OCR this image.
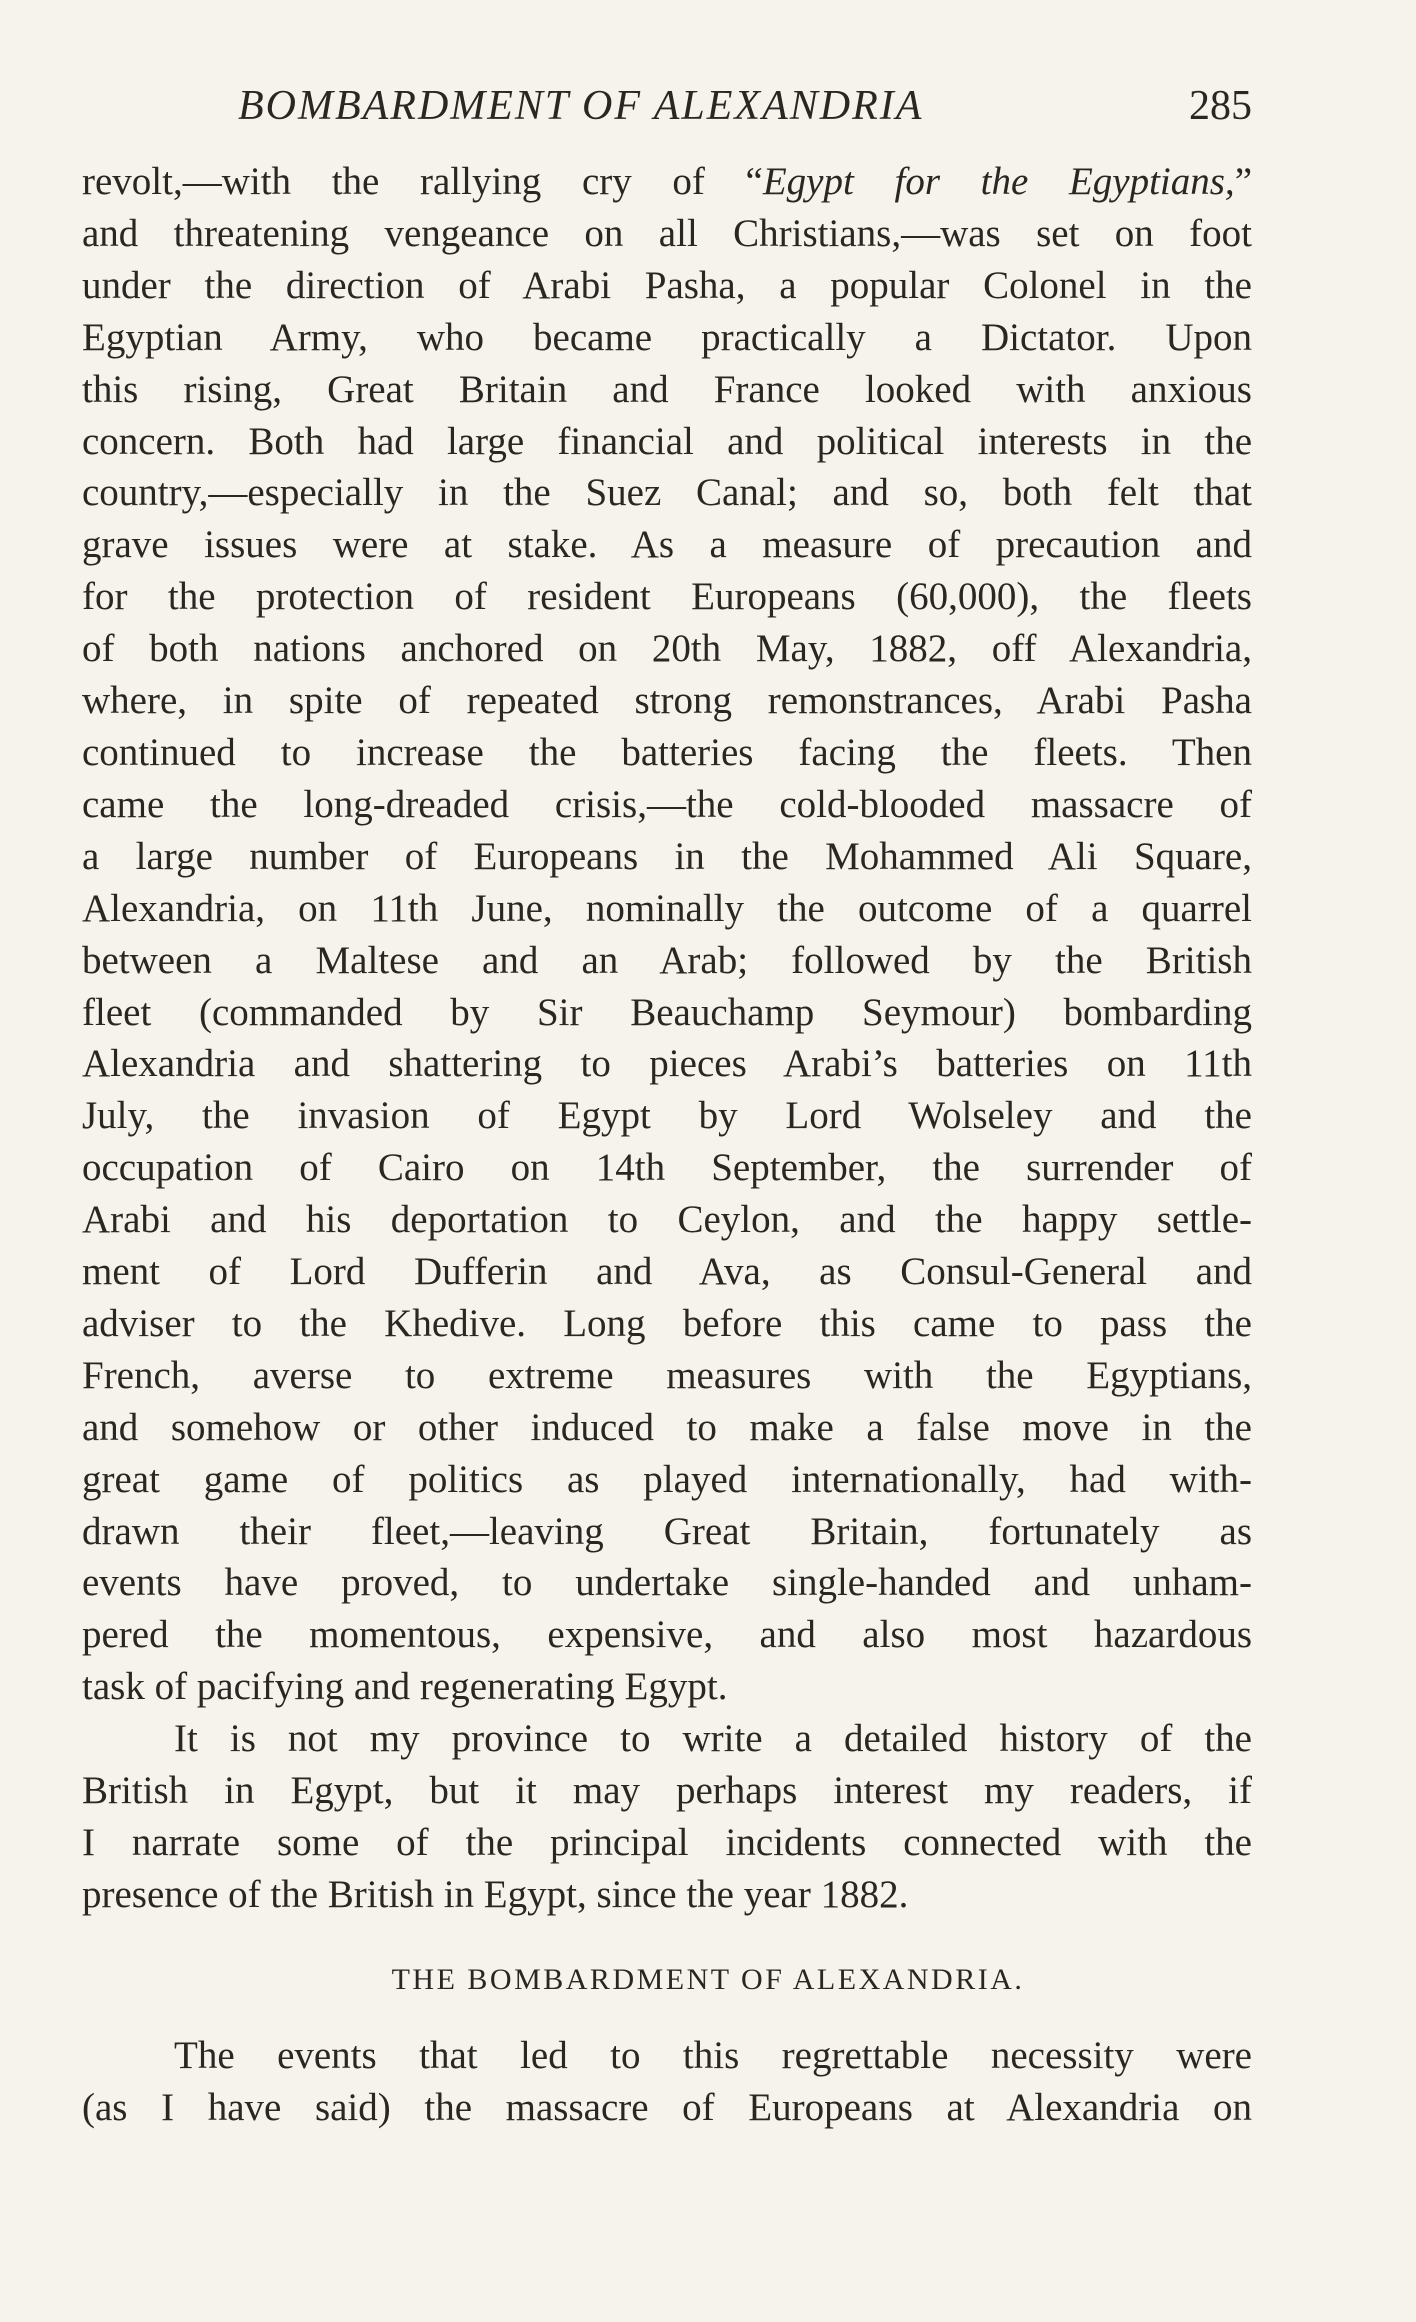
BOMBARDMENT OF ALEXANDRIA	285

revolt,—with the rallying cry of “Egypt for the Egyptians,”
and threatening vengeance on all Christians,—was set on foot
under the direction of Arabi Pasha, a popular Colonel in the
Egyptian Army, who became practically a Dictator. Upon
this rising, Great Britain and France looked with anxious
concern. Both had large financial and political interests in the
country,—especially in the Suez Canal; and so, both felt that
grave issues were at stake. As a measure of precaution and
for the protection of resident Europeans (60,000), the fleets
of both nations anchored on 20th May, 1882, off Alexandria,
where, in spite of repeated strong remonstrances, Arabi Pasha
continued to increase the batteries facing the fleets. Then
came the long-dreaded crisis,—the cold-blooded massacre of
a large number of Europeans in the Mohammed Ali Square,
Alexandria, on 11th June, nominally the outcome of a quarrel
between a Maltese and an Arab; followed by the British
fleet (commanded by Sir Beauchamp Seymour) bombarding
Alexandria and shattering to pieces Arabi’s batteries on 11th
July, the invasion of Egypt by Lord Wolseley and the
occupation of Cairo on 14th September, the surrender of
Arabi and his deportation to Ceylon, and the happy settle-
ment of Lord Dufferin and Ava, as Consul-General and
adviser to the Khedive. Long before this came to pass the
French, averse to extreme measures with the Egyptians,
and somehow or other induced to make a false move in the
great game of politics as played internationally, had with-
drawn their fleet,—leaving Great Britain, fortunately as
events have proved, to undertake single-handed and unham-
pered the momentous, expensive, and also most hazardous
task of pacifying and regenerating Egypt.

It is not my province to write a detailed history of the
British in Egypt, but it may perhaps interest my readers, if
I narrate some of the principal incidents connected with the
presence of the British in Egypt, since the year 1882.

THE BOMBARDMENT OF ALEXANDRIA.

The events that led to this regrettable necessity were
(as I have said) the massacre of Europeans at Alexandria on
